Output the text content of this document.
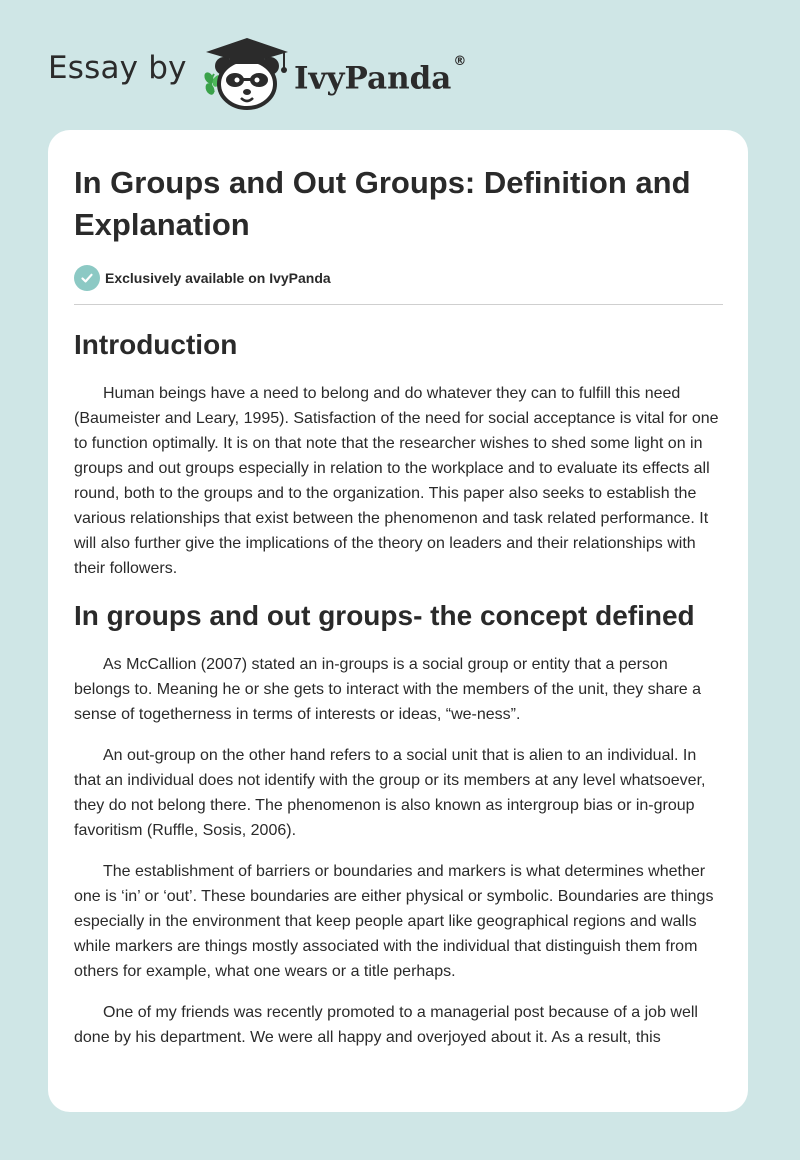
Essay by	IvyPanda ®
In Groups and Out Groups: Definition and Explanation
Exclusively available on IvyPanda
Introduction

Human beings have a need to belong and do whatever they can to fulfill this need (Baumeister and Leary, 1995). Satisfaction of the need for social acceptance is vital for one to function optimally. It is on that note that the researcher wishes to shed some light on in groups and out groups especially in relation to the workplace and to evaluate its effects all round, both to the groups and to the organization. This paper also seeks to establish the various relationships that exist between the phenomenon and task related performance. It will also further give the implications of the theory on leaders and their relationships with their followers.

In groups and out groups- the concept defined

As McCallion (2007) stated an in-groups is a social group or entity that a person belongs to. Meaning he or she gets to interact with the members of the unit, they share a sense of togetherness in terms of interests or ideas, “we-ness”.

An out-group on the other hand refers to a social unit that is alien to an individual. In that an individual does not identify with the group or its members at any level whatsoever, they do not belong there. The phenomenon is also known as intergroup bias or in-group favoritism (Ruffle, Sosis, 2006).

The establishment of barriers or boundaries and markers is what determines whether one is ‘in’ or ‘out’. These boundaries are either physical or symbolic. Boundaries are things especially in the environment that keep people apart like geographical regions and walls while markers are things mostly associated with the individual that distinguish them from others for example, what one wears or a title perhaps.

One of my friends was recently promoted to a managerial post because of a job well done by his department. We were all happy and overjoyed about it. As a result, this
